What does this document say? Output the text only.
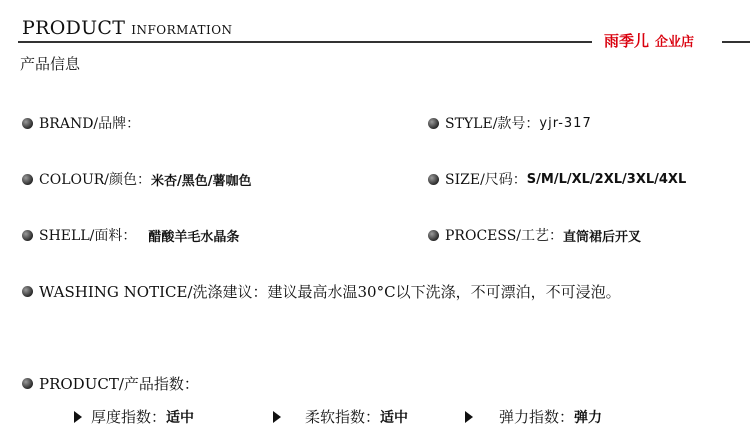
PRODUCT INFORMATION
雨季儿 企业店
产品信息
BRAND/品牌：	STYLE/款号： yjr-317
COLOUR/颜色： 米杏/黑色/薯咖色	SIZE/尺码： S/M/L/XL/2XL/3XL/4XL
SHELL/面料： 醋酸羊毛水晶条	PROCESS/工艺： 直筒裙后开叉
WASHING NOTICE/洗涤建议： 建议最高水温30°C以下洗涤，不可漂泊，不可浸泡。
PRODUCT/产品指数：
厚度指数： 适中	柔软指数： 适中	弹力指数： 弹力
